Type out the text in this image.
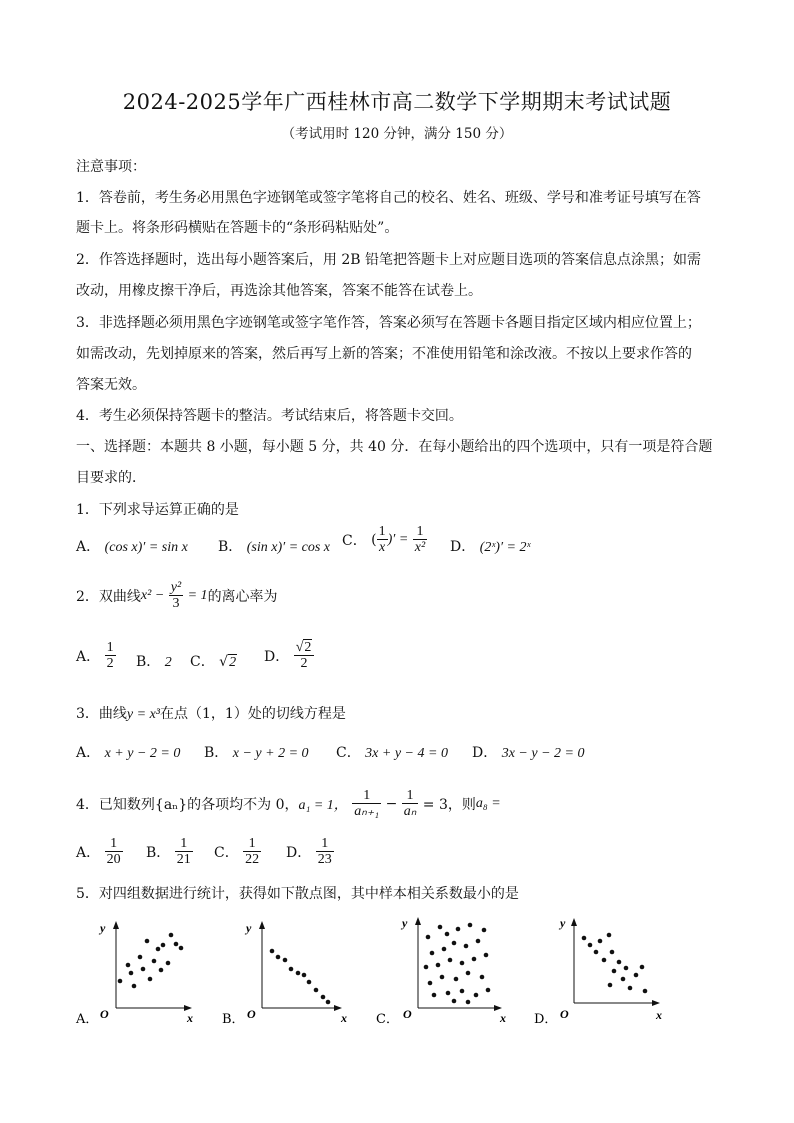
2024-2025学年广西桂林市高二数学下学期期末考试试题
（考试用时 120 分钟，满分 150 分）
注意事项：
1．答卷前，考生务必用黑色字迹钢笔或签字笔将自己的校名、姓名、班级、学号和准考证号填写在答
题卡上。将条形码横贴在答题卡的“条形码粘贴处”。
2．作答选择题时，选出每小题答案后，用 2B 铅笔把答题卡上对应题目选项的答案信息点涂黑；如需
改动，用橡皮擦干净后，再选涂其他答案，答案不能答在试卷上。
3．非选择题必须用黑色字迹钢笔或签字笔作答，答案必须写在答题卡各题目指定区域内相应位置上；
如需改动，先划掉原来的答案，然后再写上新的答案；不准使用铅笔和涂改液。不按以上要求作答的
答案无效。
4．考生必须保持答题卡的整洁。考试结束后，将答题卡交回。
一、选择题：本题共 8 小题，每小题 5 分，共 40 分．在每小题给出的四个选项中，只有一项是符合题
目要求的．
1．下列求导运算正确的是
A． (cos x)′ = sin x B． (sin x)′ = cos x C． ( $\frac{1}{x}$ )′ = $\frac{1}{\text{x²}}$ D． (2ˣ)′ = 2ˣ
2．双曲线$x^2 - \frac{\text{y²}}{3} = 1$的离心率为
A． $\frac{1}{2}$ B． 2 C． √2 D． $\frac{√2}{2}$
3．曲线y = x³在点（1，1）处的切线方程是
A． x + y − 2 = 0 B． x − y + 2 = 0 C． 3x + y − 4 = 0 D． 3x − y − 2 = 0
4．已知数列{aₙ}的各项均不为 0，a₁ = 1， $\frac{1}{\text{aₙ₊₁}} - \frac{1}{\text{aₙ}} = 3$，则a₈ =
A． $\frac{1}{20}$ B． $\frac{1}{21}$ C． $\frac{1}{22}$ D． $\frac{1}{23}$
5．对四组数据进行统计，获得如下散点图，其中样本相关系数最小的是
y
O	x
A．
y
O	x
B．
y
O	x
C．
y
O	x
D．
